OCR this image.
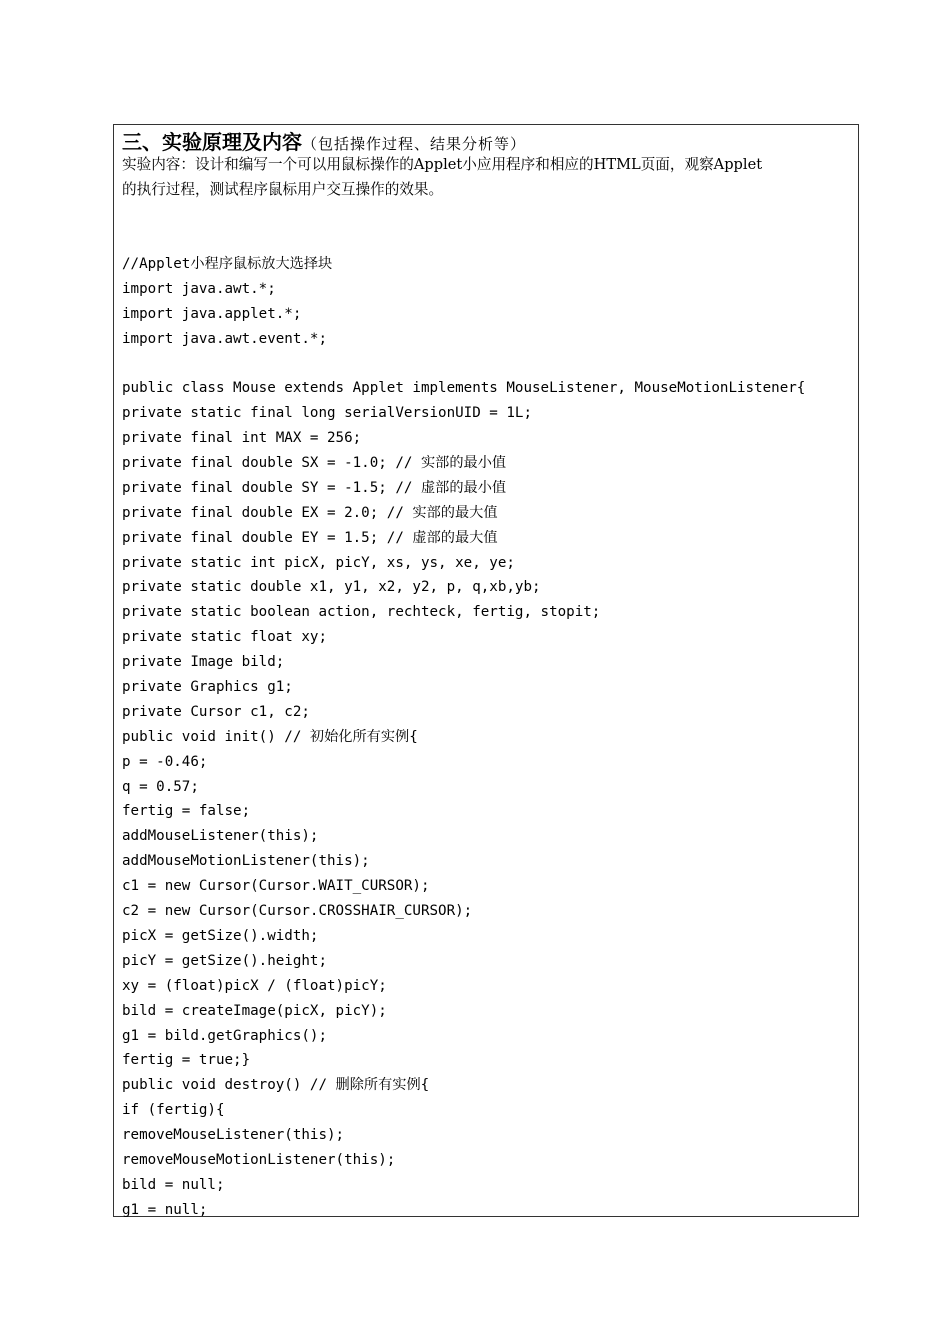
三、实验原理及内容（包括操作过程、结果分析等）
实验内容：设计和编写一个可以用鼠标操作的Applet小应用程序和相应的HTML页面，观察Applet
的执行过程，测试程序鼠标用户交互操作的效果。
//Applet小程序鼠标放大选择块
import java.awt.*;
import java.applet.*;
import java.awt.event.*;
public class Mouse extends Applet implements MouseListener, MouseMotionListener{
private static final long serialVersionUID = 1L;
private final int MAX = 256;
private final double SX = -1.0; // 实部的最小值
private final double SY = -1.5; // 虚部的最小值
private final double EX = 2.0; // 实部的最大值
private final double EY = 1.5; // 虚部的最大值
private static int picX, picY, xs, ys, xe, ye;
private static double x1, y1, x2, y2, p, q,xb,yb;
private static boolean action, rechteck, fertig, stopit;
private static float xy;
private Image bild;
private Graphics g1;
private Cursor c1, c2;
public void init() // 初始化所有实例{
p = -0.46;
q = 0.57;
fertig = false;
addMouseListener(this);
addMouseMotionListener(this);
c1 = new Cursor(Cursor.WAIT_CURSOR);
c2 = new Cursor(Cursor.CROSSHAIR_CURSOR);
picX = getSize().width;
picY = getSize().height;
xy = (float)picX / (float)picY;
bild = createImage(picX, picY);
g1 = bild.getGraphics();
fertig = true;}
public void destroy() // 删除所有实例{
if (fertig){
removeMouseListener(this);
removeMouseMotionListener(this);
bild = null;
g1 = null;
